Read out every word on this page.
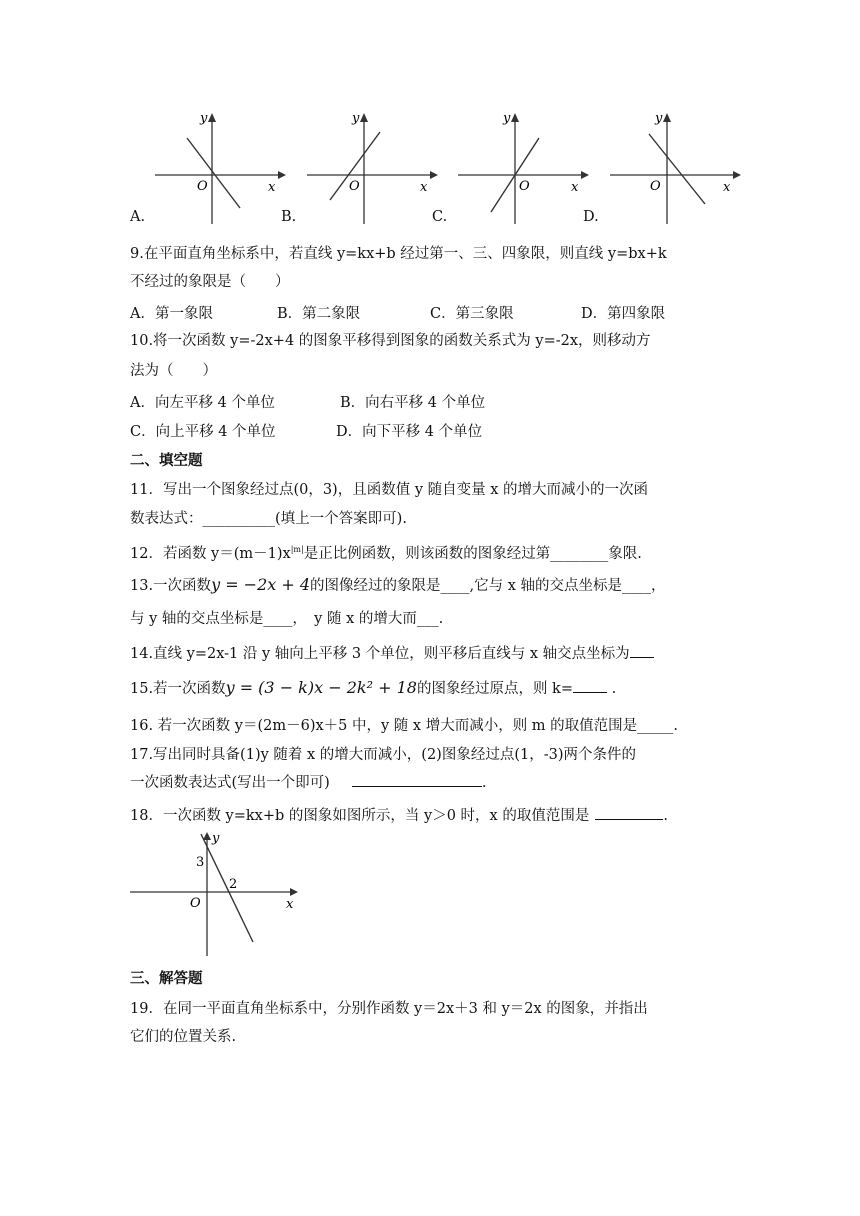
y
x
O
y
x
O
y
x
O
y
x
O
A.	B.	C.	D.
9.在平面直角坐标系中，若直线 y=kx+b 经过第一、三、四象限，则直线 y=bx+k
不经过的象限是（　　）
A．第一象限	B．第二象限	C．第三象限	D．第四象限
10.将一次函数 y=-2x+4 的图象平移得到图象的函数关系式为 y=-2x，则移动方
法为（　　）
A．向左平移 4 个单位	B．向右平移 4 个单位
C．向上平移 4 个单位	D．向下平移 4 个单位
二、填空题
11．写出一个图象经过点(0，3)，且函数值 y 随自变量 x 的增大而减小的一次函
数表达式：__________(填上一个答案即可).
12．若函数 $y=(m-1)x^{|m|}$是正比例函数，则该函数的图象经过第________象限.
13.一次函数y = −2x + 4的图像经过的象限是____,它与 x 轴的交点坐标是____，
与 y 轴的交点坐标是____，　y 随 x 的增大而___.
14.直线 y=2x-1 沿 y 轴向上平移 3 个单位，则平移后直线与 x 轴交点坐标为
15.若一次函数y = (3 − k)x − 2k² + 18的图象经过原点，则 k= .
16. 若一次函数 y＝(2m－6)x＋5 中，y 随 x 增大而减小，则 m 的取值范围是_____.
17.写出同时具备(1)y 随着 x 的增大而减小，(2)图象经过点(1，-3)两个条件的
一次函数表达式(写出一个即可)	.
18．一次函数 y=kx+b 的图象如图所示，当 y＞0 时，x 的取值范围是	.
y
x
O
3
2
三、解答题
19．在同一平面直角坐标系中，分别作函数 y＝2x＋3 和 y＝2x 的图象，并指出
它们的位置关系.
